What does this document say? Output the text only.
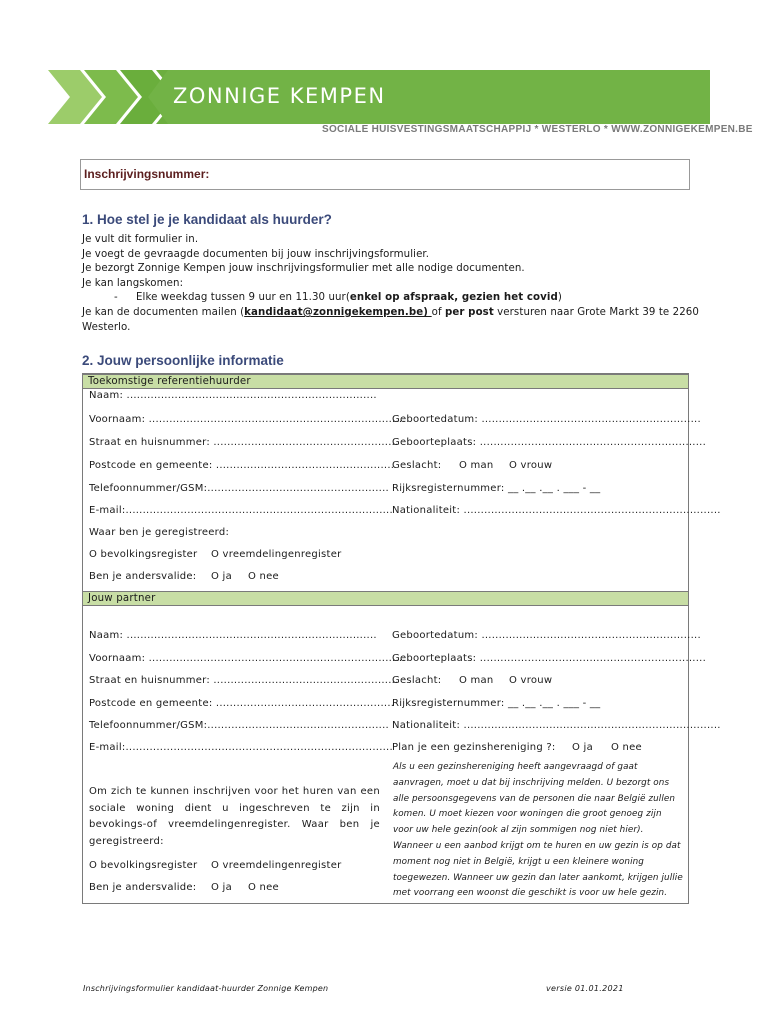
ZONNIGE KEMPEN
SOCIALE HUISVESTINGSMAATSCHAPPIJ * WESTERLO * WWW.ZONNIGEKEMPEN.BE
Inschrijvingsnummer:
1. Hoe stel je je kandidaat als huurder?
Je vult dit formulier in.
Je voegt de gevraagde documenten bij jouw inschrijvingsformulier.
Je bezorgt Zonnige Kempen jouw inschrijvingsformulier met alle nodige documenten.
Je kan langskomen:
- Elke weekdag tussen 9 uur en 11.30 uur(enkel op afspraak, gezien het covid)
Je kan de documenten mailen (kandidaat@zonnigekempen.be) of per post versturen naar Grote Markt 39 te 2260
Westerlo.
2. Jouw persoonlijke informatie
Toekomstige referentiehuurder
Naam: .........................................................................
Voornaam: ...........................................................................
Geboortedatum: ................................................................
Straat en huisnummer: ......................................................
Geboorteplaats: ..................................................................
Postcode en gemeente: ....................................................
Geslacht: O man O vrouw
Telefoonnummer/GSM:..................................................... Rijksregisternummer: __ .__ .__ . ___ - __
E-mail:.............................................................................. Nationaliteit: ...........................................................................
Waar ben je geregistreerd:
O bevolkingsregister O vreemdelingenregister
Ben je andersvalide: O ja O nee
Jouw partner
Naam: ......................................................................... Geboortedatum: ................................................................
Voornaam: ...........................................................................
Geboorteplaats: ..................................................................
Straat en huisnummer: ......................................................
Geslacht: O man O vrouw
Postcode en gemeente: ....................................................
Rijksregisternummer: __ .__ .__ . ___ - __
Telefoonnummer/GSM:..................................................... Nationaliteit: ...........................................................................
E-mail:.............................................................................. Plan je een gezinshereniging ?: O ja O nee
Om zich te kunnen inschrijven voor het huren van een sociale woning dient u ingeschreven te zijn in bevokings-of vreemdelingenregister. Waar ben je geregistreerd:
O bevolkingsregister O vreemdelingenregister
Ben je andersvalide: O ja O nee
Als u een gezinshereniging heeft aangevraagd of gaat aanvragen, moet u dat bij inschrijving melden. U bezorgt ons alle persoonsgegevens van de personen die naar België zullen komen. U moet kiezen voor woningen die groot genoeg zijn voor uw hele gezin(ook al zijn sommigen nog niet hier). Wanneer u een aanbod krijgt om te huren en uw gezin is op dat moment nog niet in België, krijgt u een kleinere woning toegewezen. Wanneer uw gezin dan later aankomt, krijgen jullie met voorrang een woonst die geschikt is voor uw hele gezin.
Inschrijvingsformulier kandidaat-huurder Zonnige Kempen	versie 01.01.2021
